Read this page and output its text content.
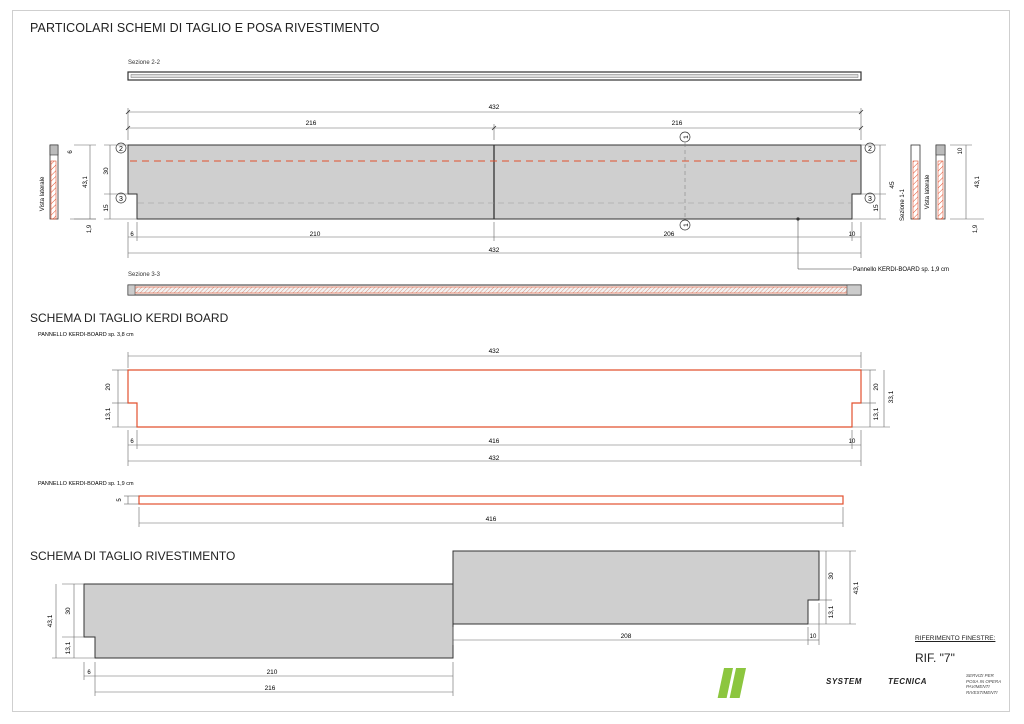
PARTICOLARI SCHEMI DI TAGLIO E POSA RIVESTIMENTO
SCHEMA DI TAGLIO KERDI BOARD
SCHEMA DI TAGLIO RIVESTIMENTO
Sezione 2-2
432
216	216
Pannello KERDI-BOARD sp. 1,9 cm
2
3
2
3
1
1
30
15
45
15
6	210	206	10
432
Vista laterale	43,1
6
1,9
Sezione 1-1	Vista laterale	43,1
10
1,9
Sezione 3-3
PANNELLO KERDI-BOARD sp. 3,8 cm
432
20
13,1
20
13,1
33,1
6	416	10
432
PANNELLO KERDI-BOARD sp. 1,9 cm
5
416
30
13,1
43,1
30
13,1
43,1
208	10
6	210
216
RIFERIMENTO FINESTRE:
RIF. "7"
SYSTEM	TECNICA
SERVIZI PER
POSA IN OPERA
PAVIMENTI
RIVESTIMENTI
